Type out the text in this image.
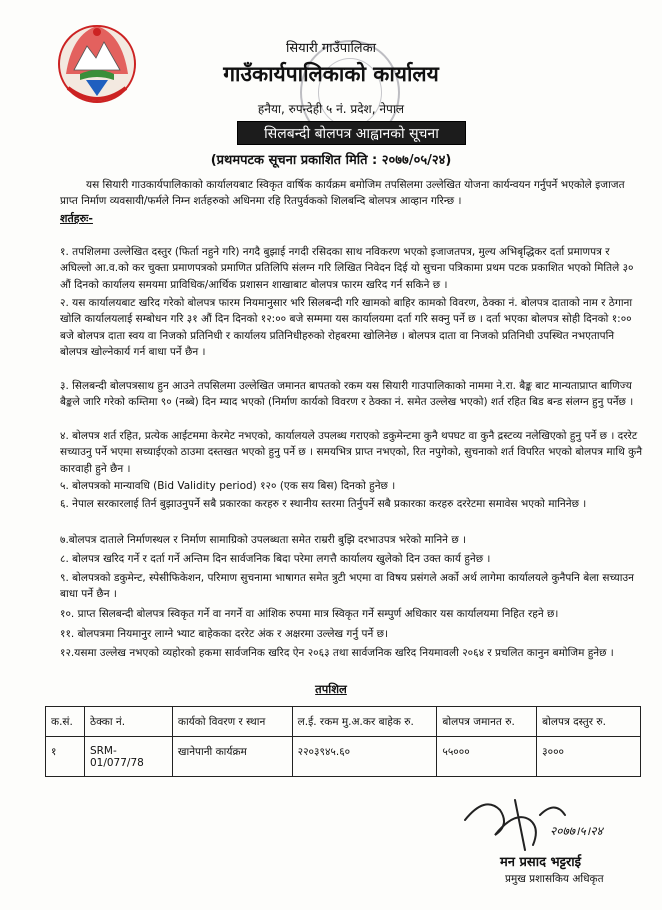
सियारी गाउँपालिका
गाउँकार्यपालिकाको कार्यालय
हनैया, रुपन्देही ५ नं. प्रदेश, नेपाल
सिलबन्दी बोलपत्र आह्वानको सूचना
(प्रथमपटक सूचना प्रकाशित मिति : २०७७/०५/२४)
यस सियारी गाउकार्यपालिकाको कार्यालयबाट स्विकृत वार्षिक कार्यक्रम बमोजिम तपसिलमा उल्लेखित योजना कार्यन्वयन गर्नुपर्ने भएकोले इजाजत प्राप्त निर्माण व्यवसायी/फर्मले निम्न शर्तहरुको अधिनमा रहि रितपुर्वकको शिलबन्दि बोलपत्र आव्हान गरिन्छ ।
शर्तहरुः-
१. तपशिलमा उल्लेखित दस्तुर (फिर्ता नहुने गरि) नगदै बुझाई नगदी रसिदका साथ नविकरण भएको इजाजतपत्र, मुल्य अभिबृद्धिकर दर्ता प्रमाणपत्र र अघिल्लो आ.व.को कर चुक्ता प्रमाणपत्रको प्रमाणित प्रतिलिपि संलग्न गरि लिखित निवेदन दिई यो सुचना पत्रिकामा प्रथम पटक प्रकाशित भएको मितिले ३० औं दिनको कार्यालय समयमा प्राविधिक/आर्थिक प्रशासन शाखाबाट बोलपत्र फारम खरिद गर्न सकिने छ ।
२. यस कार्यालयबाट खरिद गरेको बोलपत्र फारम नियमानुसार भरि सिलबन्दी गरि खामको बाहिर कामको विवरण, ठेक्का नं. बोलपत्र दाताको नाम र ठेगाना खोलि कार्यालयलाई सम्बोधन गरि ३१ औं दिन दिनको १२:०० बजे सम्ममा यस कार्यालयमा दर्ता गरि सक्नु पर्ने छ । दर्ता भएका बोलपत्र सोही दिनको १:०० बजे बोलपत्र दाता स्वय वा निजको प्रतिनिधी र कार्यालय प्रतिनिधीहरुको रोहबरमा खोलिनेछ । बोलपत्र दाता वा निजको प्रतिनिधी उपस्थित नभएतापनि बोलपत्र खोल्नेकार्य गर्न बाधा पर्ने छैन ।
३. सिलबन्दी बोलपत्रसाथ हुन आउने तपसिलमा उल्लेखित जमानत बापतको रकम यस सियारी गाउपालिकाको नाममा ने.रा. बैङ्क बाट मान्यताप्राप्त बाणिज्य बैङ्कले जारि गरेको कम्तिमा ९० (नब्बे) दिन म्याद भएको (निर्माण कार्यको विवरण र ठेक्का नं. समेत उल्लेख भएको) शर्त रहित बिड बन्ड संलग्न हुनु पर्नेछ ।
४. बोलपत्र शर्त रहित, प्रत्येक आईटममा केरमेट नभएको, कार्यालयले उपलब्ध गराएको डकुमेन्टमा कुनै थपघट वा कुनै द्रस्टव्य नलेखिएको हुनु पर्ने छ । दररेट सच्याउनु पर्ने भएमा सच्याईएको ठाउमा दस्तखत भएको हुनु पर्ने छ । समयभित्र प्राप्त नभएको, रित नपुगेको, सुचनाको शर्त विपरित भएको बोलपत्र माथि कुनै कारवाही हुने छैन ।
५. बोलपत्रको मान्यावधि (Bid Validity period) १२० (एक सय बिस) दिनको हुनेछ ।
६. नेपाल सरकारलाई तिर्न बुझाउनुपर्ने सबै प्रकारका करहरु र स्थानीय स्तरमा तिर्नुपर्ने सबै प्रकारका करहरु दररेटमा समावेस भएको मानिनेछ ।
७.बोलपत्र दाताले निर्माणस्थल र निर्माण सामाग्रिको उपलब्धता समेत राम्ररी बुझि दरभाउपत्र भरेको मानिने छ ।
८. बोलपत्र खरिद गर्ने र दर्ता गर्ने अन्तिम दिन सार्वजनिक बिदा परेमा लगत्तै कार्यालय खुलेको दिन उक्त कार्य हुनेछ ।
९. बोलपत्रको डकुमेन्ट, स्पेसीफिकेशन, परिमाण सुचनामा भाषागत समेत त्रुटी भएमा वा विषय प्रसंगले अर्को अर्थ लागेमा कार्यालयले कुनैपनि बेला सच्याउन बाधा पर्ने छैन ।
१०. प्राप्त सिलबन्दी बोलपत्र स्विकृत गर्ने वा नगर्ने वा आंशिक रुपमा मात्र स्विकृत गर्ने सम्पुर्ण अधिकार यस कार्यालयमा निहित रहने छ।
११. बोलपत्रमा नियमानुर लाग्ने भ्याट बाहेकका दररेट अंक र अक्षरमा उल्लेख गर्नु पर्ने छ।
१२.यसमा उल्लेख नभएको व्यहोरको हकमा सार्वजनिक खरिद ऐन २०६३ तथा सार्वजनिक खरिद नियमावली २०६४ र प्रचलित कानुन बमोजिम हुनेछ ।
तपशिल
क.सं.	ठेक्का नं.	कार्यको विवरण र स्थान	ल.ई. रकम मु.अ.कर बाहेक रु.	बोलपत्र जमानत रु.	बोलपत्र दस्तुर रु.
१	SRM-01/077/78	खानेपानी कार्यक्रम	२२०३९४५.६०	५५०००	३०००
२०७७।५।२४
मन प्रसाद भट्टराई
प्रमुख प्रशासकिय अधिकृत
